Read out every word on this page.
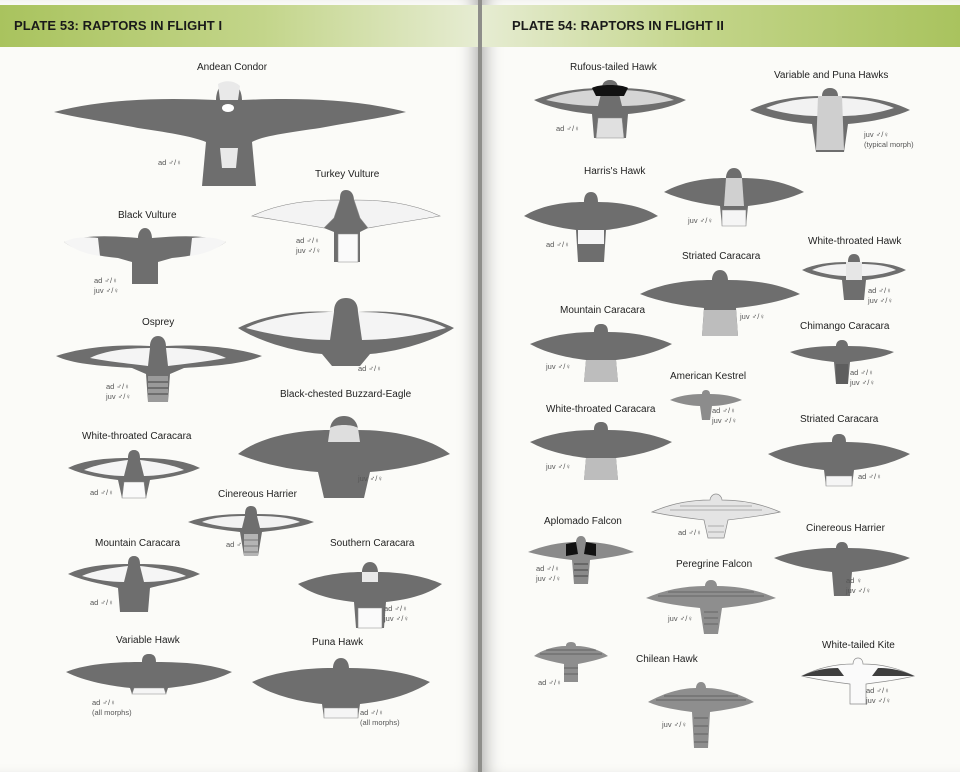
PLATE 53: RAPTORS IN FLIGHT I
Andean Condor
ad ♂/♀
Turkey Vulture
ad ♂/♀
juv ♂/♀
Black Vulture
ad ♂/♀
juv ♂/♀
ad ♂/♀
Osprey
ad ♂/♀
juv ♂/♀	Black-chested Buzzard-Eagle
juv ♂/♀
White-throated Caracara
ad ♂/♀	Cinereous Harrier
ad ♂
Mountain Caracara
ad ♂/♀
Southern Caracara
ad ♂/♀
juv ♂/♀
Variable Hawk
ad ♂/♀
(all morphs)
Puna Hawk
ad ♂/♀
(all morphs)
PLATE 54: RAPTORS IN FLIGHT II
Rufous-tailed Hawk
ad ♂/♀
Variable and Puna Hawks
juv ♂/♀
(typical morph)
Harris's Hawk
ad ♂/♀
juv ♂/♀
White-throated Hawk
ad ♂/♀
juv ♂/♀
Striated Caracara
juv ♂/♀
Mountain Caracara
juv ♂/♀
Chimango Caracara
ad ♂/♀
juv ♂/♀
American Kestrel
ad ♂/♀
juv ♂/♀
White-throated Caracara
juv ♂/♀
Striated Caracara
ad ♂/♀
ad ♂/♀
Aplomado Falcon
ad ♂/♀
juv ♂/♀
Cinereous Harrier
ad ♀
juv ♂/♀
Peregrine Falcon
juv ♂/♀
ad ♂/♀
Chilean Hawk
juv ♂/♀
White-tailed Kite
ad ♂/♀
juv ♂/♀
